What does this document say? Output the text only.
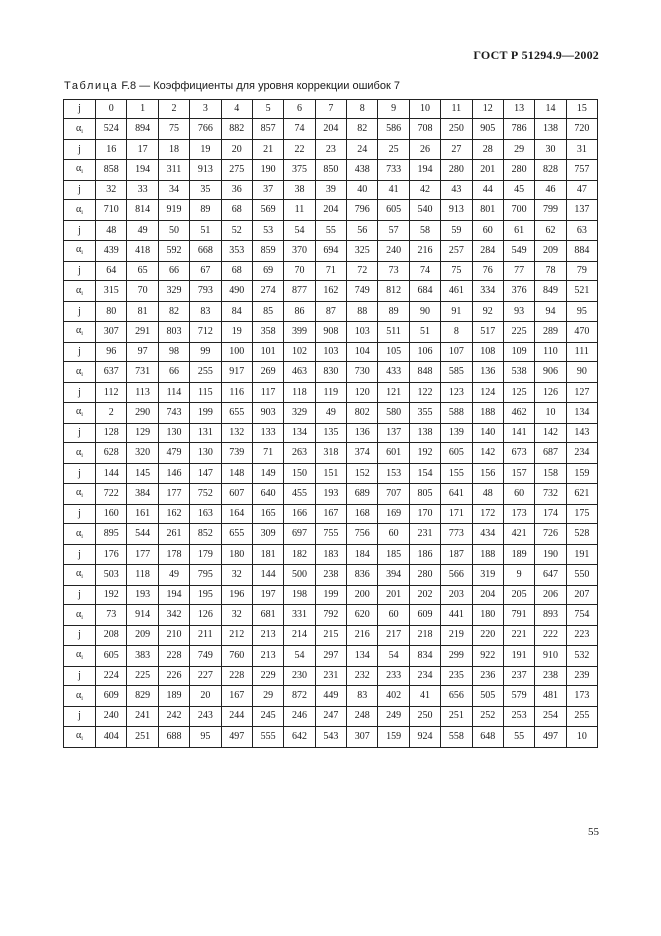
ГОСТ Р 51294.9—2002
Таблица F.8 — Коэффициенты для уровня коррекции ошибок 7
j	0	1	2	3	4	5	6	7	8	9	10	11	12	13	14	15
$\alpha_i$	524	894	75	766	882	857	74	204	82	586	708	250	905	786	138	720
j	16	17	18	19	20	21	22	23	24	25	26	27	28	29	30	31
$\alpha_i$	858	194	311	913	275	190	375	850	438	733	194	280	201	280	828	757
j	32	33	34	35	36	37	38	39	40	41	42	43	44	45	46	47
$\alpha_i$	710	814	919	89	68	569	11	204	796	605	540	913	801	700	799	137
j	48	49	50	51	52	53	54	55	56	57	58	59	60	61	62	63
$\alpha_i$	439	418	592	668	353	859	370	694	325	240	216	257	284	549	209	884
j	64	65	66	67	68	69	70	71	72	73	74	75	76	77	78	79
$\alpha_i$	315	70	329	793	490	274	877	162	749	812	684	461	334	376	849	521
j	80	81	82	83	84	85	86	87	88	89	90	91	92	93	94	95
$\alpha_i$	307	291	803	712	19	358	399	908	103	511	51	8	517	225	289	470
j	96	97	98	99	100	101	102	103	104	105	106	107	108	109	110	111
$\alpha_i$	637	731	66	255	917	269	463	830	730	433	848	585	136	538	906	90
j	112	113	114	115	116	117	118	119	120	121	122	123	124	125	126	127
$\alpha_i$	2	290	743	199	655	903	329	49	802	580	355	588	188	462	10	134
j	128	129	130	131	132	133	134	135	136	137	138	139	140	141	142	143
$\alpha_i$	628	320	479	130	739	71	263	318	374	601	192	605	142	673	687	234
j	144	145	146	147	148	149	150	151	152	153	154	155	156	157	158	159
$\alpha_i$	722	384	177	752	607	640	455	193	689	707	805	641	48	60	732	621
j	160	161	162	163	164	165	166	167	168	169	170	171	172	173	174	175
$\alpha_i$	895	544	261	852	655	309	697	755	756	60	231	773	434	421	726	528
j	176	177	178	179	180	181	182	183	184	185	186	187	188	189	190	191
$\alpha_i$	503	118	49	795	32	144	500	238	836	394	280	566	319	9	647	550
j	192	193	194	195	196	197	198	199	200	201	202	203	204	205	206	207
$\alpha_i$	73	914	342	126	32	681	331	792	620	60	609	441	180	791	893	754
j	208	209	210	211	212	213	214	215	216	217	218	219	220	221	222	223
$\alpha_i$	605	383	228	749	760	213	54	297	134	54	834	299	922	191	910	532
j	224	225	226	227	228	229	230	231	232	233	234	235	236	237	238	239
$\alpha_i$	609	829	189	20	167	29	872	449	83	402	41	656	505	579	481	173
j	240	241	242	243	244	245	246	247	248	249	250	251	252	253	254	255
$\alpha_i$	404	251	688	95	497	555	642	543	307	159	924	558	648	55	497	10
55
